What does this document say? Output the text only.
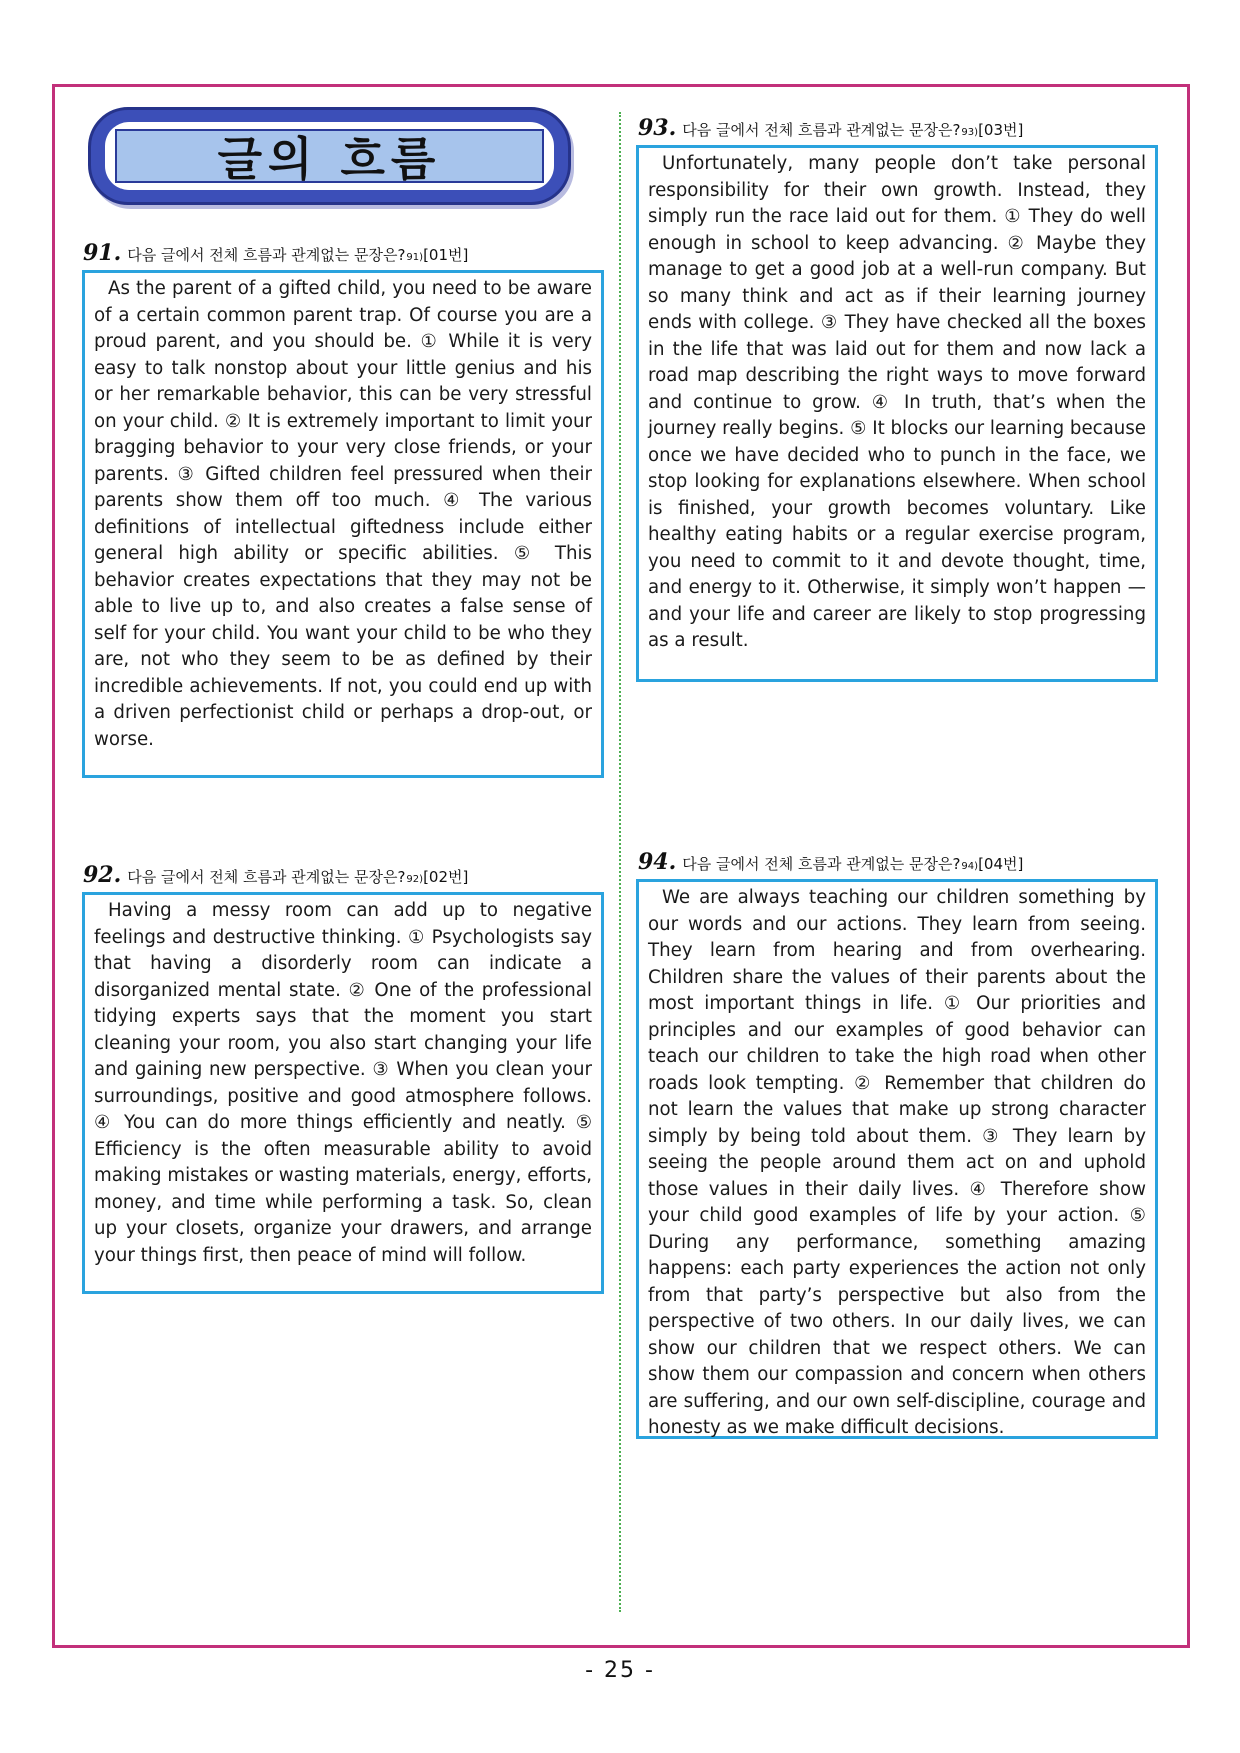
글의 흐름
91. 다음 글에서 전체 흐름과 관계없는 문장은? 91) [01번]
As the parent of a gifted child, you need to be aware of a certain common parent trap. Of course you are a proud parent, and you should be. ① While it is very easy to talk nonstop about your little genius and his or her remarkable behavior, this can be very stressful on your child. ② It is extremely important to limit your bragging behavior to your very close friends, or your parents. ③ Gifted children feel pressured when their parents show them off too much. ④ The various definitions of intellectual giftedness include either general high ability or specific abilities. ⑤ This behavior creates expectations that they may not be able to live up to, and also creates a false sense of self for your child. You want your child to be who they are, not who they seem to be as defined by their incredible achievements. If not, you could end up with a driven perfectionist child or perhaps a drop-out, or worse.
92. 다음 글에서 전체 흐름과 관계없는 문장은? 92) [02번]
Having a messy room can add up to negative feelings and destructive thinking. ① Psychologists say that having a disorderly room can indicate a disorganized mental state. ② One of the professional tidying experts says that the moment you start cleaning your room, you also start changing your life and gaining new perspective. ③ When you clean your surroundings, positive and good atmosphere follows. ④ You can do more things efficiently and neatly. ⑤ Efficiency is the often measurable ability to avoid making mistakes or wasting materials, energy, efforts, money, and time while performing a task. So, clean up your closets, organize your drawers, and arrange your things first, then peace of mind will follow.
93. 다음 글에서 전체 흐름과 관계없는 문장은? 93) [03번]
Unfortunately, many people don’t take personal responsibility for their own growth. Instead, they simply run the race laid out for them. ① They do well enough in school to keep advancing. ② Maybe they manage to get a good job at a well-run company. But so many think and act as if their learning journey ends with college. ③ They have checked all the boxes in the life that was laid out for them and now lack a road map describing the right ways to move forward and continue to grow. ④ In truth, that’s when the journey really begins. ⑤ It blocks our learning because once we have decided who to punch in the face, we stop looking for explanations elsewhere. When school is finished, your growth becomes voluntary. Like healthy eating habits or a regular exercise program, you need to commit to it and devote thought, time, and energy to it. Otherwise, it simply won’t happen — and your life and career are likely to stop progressing as a result.
94. 다음 글에서 전체 흐름과 관계없는 문장은? 94) [04번]
We are always teaching our children something by our words and our actions. They learn from seeing. They learn from hearing and from overhearing. Children share the values of their parents about the most important things in life. ① Our priorities and principles and our examples of good behavior can teach our children to take the high road when other roads look tempting. ② Remember that children do not learn the values that make up strong character simply by being told about them. ③ They learn by seeing the people around them act on and uphold those values in their daily lives. ④ Therefore show your child good examples of life by your action. ⑤ During any performance, something amazing happens: each party experiences the action not only from that party’s perspective but also from the perspective of two others. In our daily lives, we can show our children that we respect others. We can show them our compassion and concern when others are suffering, and our own self-discipline, courage and honesty as we make difficult decisions.
- 25 -
